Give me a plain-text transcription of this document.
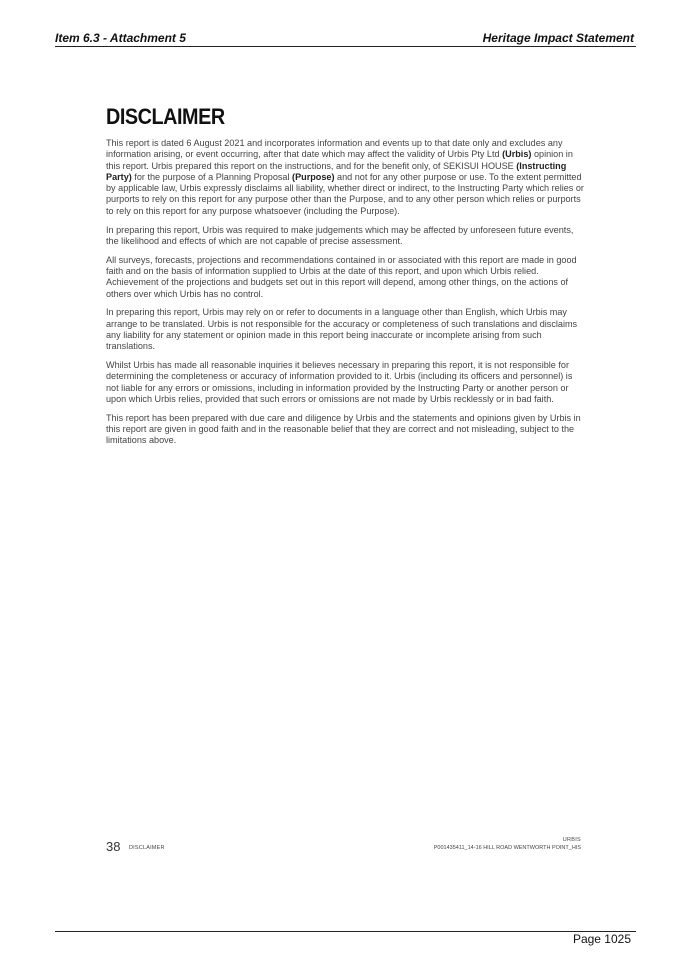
Item 6.3 - Attachment 5	Heritage Impact Statement
DISCLAIMER

This report is dated 6 August 2021 and incorporates information and events up to that date only and excludes any information arising, or event occurring, after that date which may affect the validity of Urbis Pty Ltd (Urbis) opinion in this report. Urbis prepared this report on the instructions, and for the benefit only, of SEKISUI HOUSE (Instructing Party) for the purpose of a Planning Proposal (Purpose) and not for any other purpose or use. To the extent permitted by applicable law, Urbis expressly disclaims all liability, whether direct or indirect, to the Instructing Party which relies or purports to rely on this report for any purpose other than the Purpose, and to any other person which relies or purports to rely on this report for any purpose whatsoever (including the Purpose).

In preparing this report, Urbis was required to make judgements which may be affected by unforeseen future events, the likelihood and effects of which are not capable of precise assessment.

All surveys, forecasts, projections and recommendations contained in or associated with this report are made in good faith and on the basis of information supplied to Urbis at the date of this report, and upon which Urbis relied. Achievement of the projections and budgets set out in this report will depend, among other things, on the actions of others over which Urbis has no control.

In preparing this report, Urbis may rely on or refer to documents in a language other than English, which Urbis may arrange to be translated. Urbis is not responsible for the accuracy or completeness of such translations and disclaims any liability for any statement or opinion made in this report being inaccurate or incomplete arising from such translations.

Whilst Urbis has made all reasonable inquiries it believes necessary in preparing this report, it is not responsible for determining the completeness or accuracy of information provided to it. Urbis (including its officers and personnel) is not liable for any errors or omissions, including in information provided by the Instructing Party or another person or upon which Urbis relies, provided that such errors or omissions are not made by Urbis recklessly or in bad faith.

This report has been prepared with due care and diligence by Urbis and the statements and opinions given by Urbis in this report are given in good faith and in the reasonable belief that they are correct and not misleading, subject to the limitations above.

38 DISCLAIMER
URBIS
P0014354‌11_14-16 HILL ROAD WENTWORTH POINT_HIS
Page 1025
